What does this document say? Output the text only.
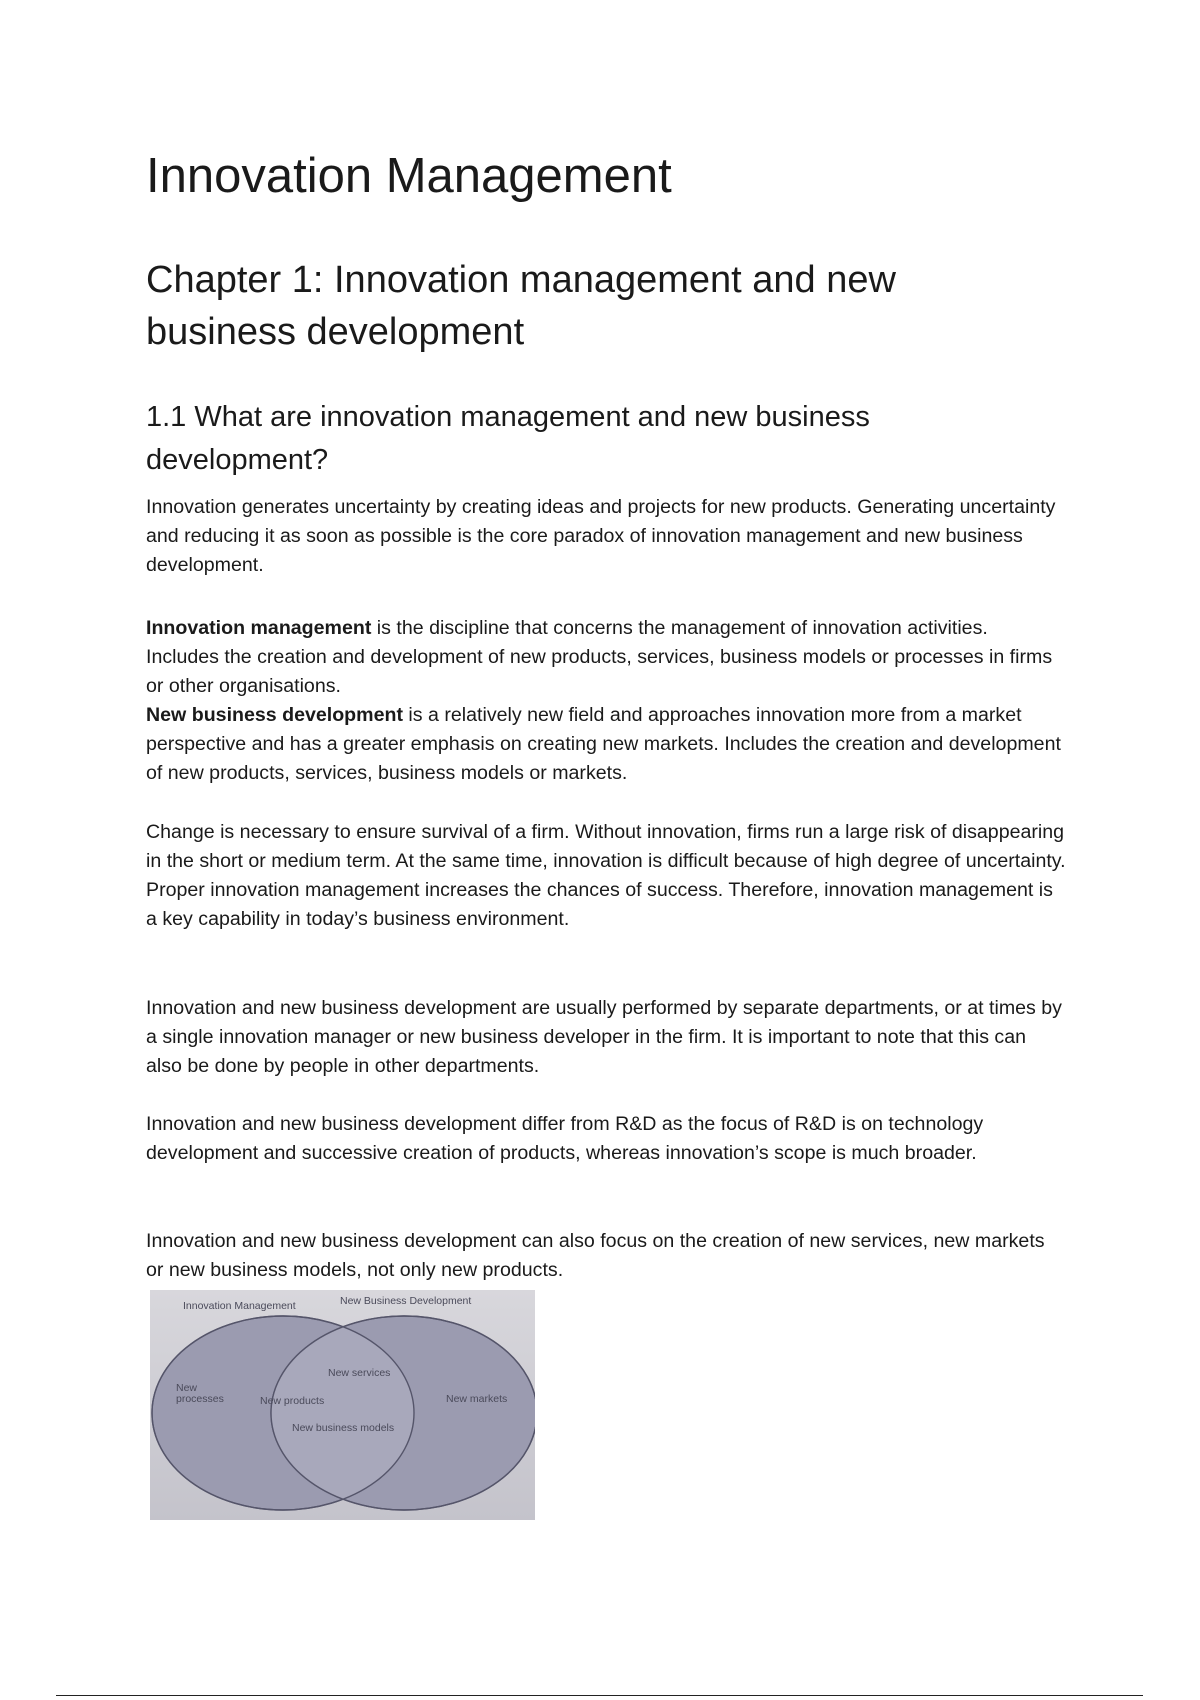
Innovation Management
Chapter 1: Innovation management and new business development
1.1 What are innovation management and new business development?

Innovation generates uncertainty by creating ideas and projects for new products. Generating uncertainty and reducing it as soon as possible is the core paradox of innovation management and new business development.

Innovation management is the discipline that concerns the management of innovation activities. Includes the creation and development of new products, services, business models or processes in firms or other organisations.

New business development is a relatively new field and approaches innovation more from a market perspective and has a greater emphasis on creating new markets. Includes the creation and development of new products, services, business models or markets.

Change is necessary to ensure survival of a firm. Without innovation, firms run a large risk of disappearing in the short or medium term. At the same time, innovation is difficult because of high degree of uncertainty. Proper innovation management increases the chances of success. Therefore, innovation management is a key capability in today’s business environment.

Innovation and new business development are usually performed by separate departments, or at times by a single innovation manager or new business developer in the firm. It is important to note that this can also be done by people in other departments.

Innovation and new business development differ from R&D as the focus of R&D is on technology development and successive creation of products, whereas innovation’s scope is much broader.

Innovation and new business development can also focus on the creation of new services, new markets or new business models, not only new products.

Innovation Management	New Business Development
New
processes
New services
New products
New business models
New markets
